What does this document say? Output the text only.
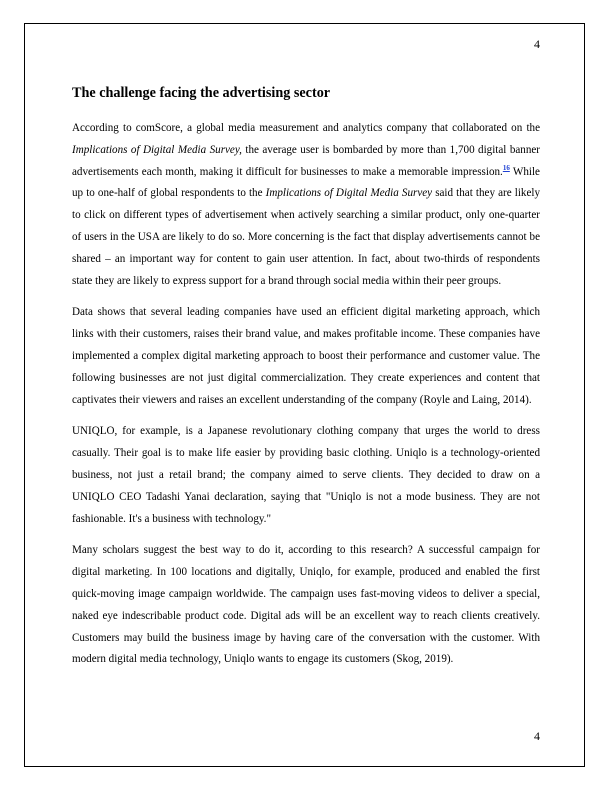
4
The challenge facing the advertising sector

According to comScore, a global media measurement and analytics company that collaborated on the Implications of Digital Media Survey, the average user is bombarded by more than 1,700 digital banner advertisements each month, making it difficult for businesses to make a memorable impression.$^{16}$ While up to one-half of global respondents to the Implications of Digital Media Survey said that they are likely to click on different types of advertisement when actively searching a similar product, only one-quarter of users in the USA are likely to do so. More concerning is the fact that display advertisements cannot be shared – an important way for content to gain user attention. In fact, about two-thirds of respondents state they are likely to express support for a brand through social media within their peer groups.

Data shows that several leading companies have used an efficient digital marketing approach, which links with their customers, raises their brand value, and makes profitable income. These companies have implemented a complex digital marketing approach to boost their performance and customer value. The following businesses are not just digital commercialization. They create experiences and content that captivates their viewers and raises an excellent understanding of the company (Royle and Laing, 2014).

UNIQLO, for example, is a Japanese revolutionary clothing company that urges the world to dress casually. Their goal is to make life easier by providing basic clothing. Uniqlo is a technology-oriented business, not just a retail brand; the company aimed to serve clients. They decided to draw on a UNIQLO CEO Tadashi Yanai declaration, saying that "Uniqlo is not a mode business. They are not fashionable. It's a business with technology."

Many scholars suggest the best way to do it, according to this research? A successful campaign for digital marketing. In 100 locations and digitally, Uniqlo, for example, produced and enabled the first quick-moving image campaign worldwide. The campaign uses fast-moving videos to deliver a special, naked eye indescribable product code. Digital ads will be an excellent way to reach clients creatively. Customers may build the business image by having care of the conversation with the customer. With modern digital media technology, Uniqlo wants to engage its customers (Skog, 2019).

4
